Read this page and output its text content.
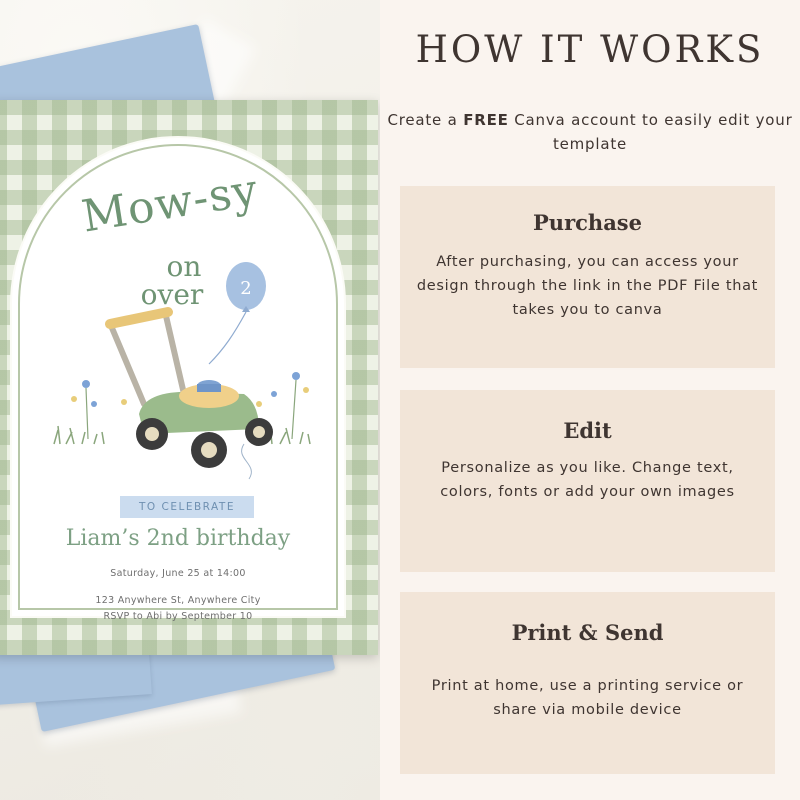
Mow-sy
on
over	2
TO CELEBRATE
Liam’s 2nd birthday
Saturday, June 25 at 14:00
123 Anywhere St, Anywhere City
RSVP to Abi by September 10
HOW IT WORKS
Create a FREE Canva account to easily edit your template
Purchase
After purchasing, you can access your design through the link in the PDF File that takes you to canva
Edit
Personalize as you like. Change text, colors, fonts or add your own images
Print & Send
Print at home, use a printing service or share via mobile device
